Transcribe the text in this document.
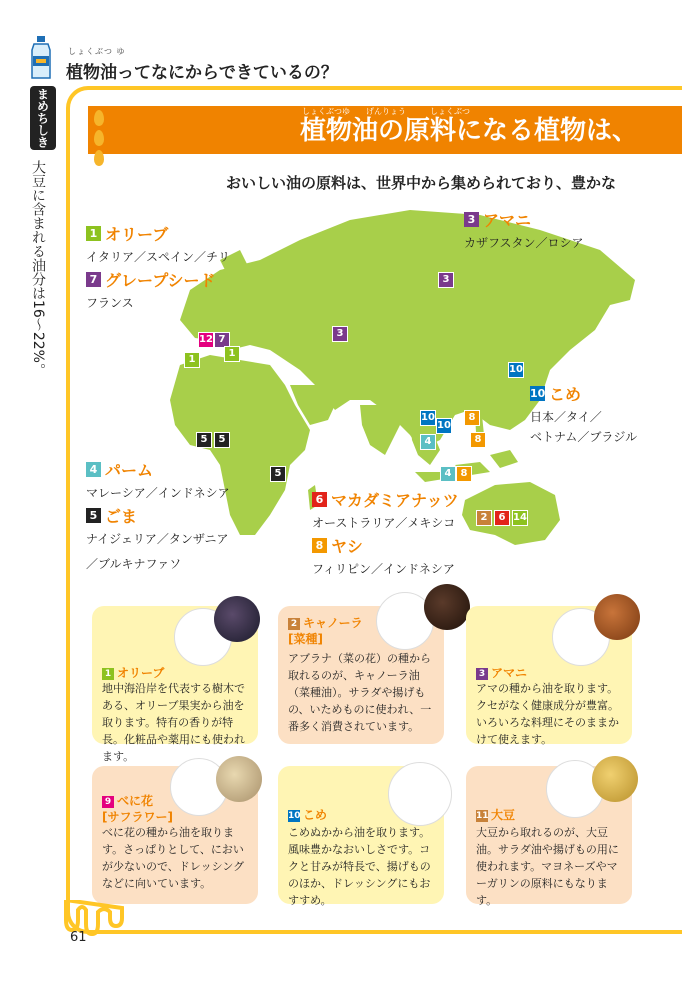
しょくぶつ ゆ
植物油ってなにからできているの？
まめちしき
大豆に含まれる油分は16〜22%。
しょくぶつゆ　　げんりょう　　　しょくぶつ
植物油の原料になる植物は、
おいしい油の原料は、世界中から集められており、豊かな
12 7
1
1
3
3
5	5
5
10
10
10
4
8
8
4 8
2	6 14
1 オリーブ
イタリア／スペイン／チリ
7 グレープシード
フランス
3 アマニ
カザフスタン／ロシア
10 こめ
日本／タイ／
ベトナム／ブラジル
4 パーム
マレーシア／インドネシア
5 ごま
ナイジェリア／タンザニア
／ブルキナファソ
6 マカダミアナッツ
オーストラリア／メキシコ
8 ヤシ
フィリピン／インドネシア
1 オリーブ
地中海沿岸を代表する樹木である、オリーブ果実から油を取ります。特有の香りが特長。化粧品や薬用にも使われます。
2 キャノーラ
[菜種]
アブラナ（菜の花）の種から取れるのが、キャノーラ油（菜種油）。サラダや揚げもの、いためものに使われ、一番多く消費されています。
3 アマニ
アマの種から油を取ります。クセがなく健康成分が豊富。いろいろな料理にそのままかけて使えます。
9 べに花
[サフラワー]
べに花の種から油を取ります。さっぱりとして、においが少ないので、ドレッシングなどに向いています。
10 こめ
こめぬかから油を取ります。風味豊かなおいしさです。コクと甘みが特長で、揚げもののほか、ドレッシングにもおすすめ。
11 大豆
大豆から取れるのが、大豆油。サラダ油や揚げもの用に使われます。マヨネーズやマーガリンの原料にもなります。
61
